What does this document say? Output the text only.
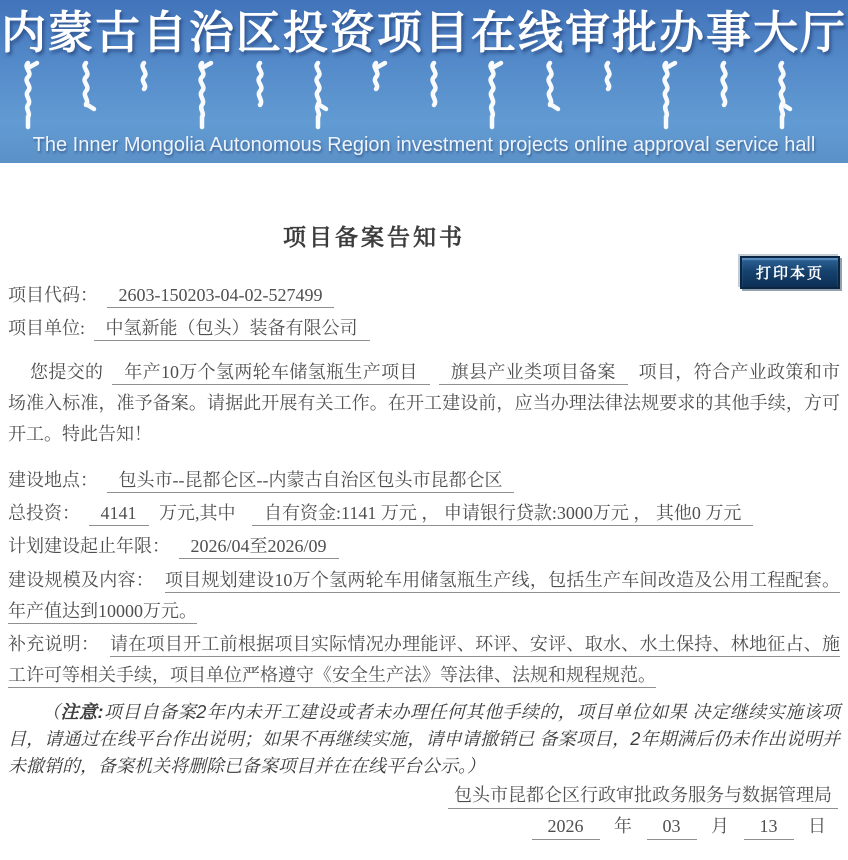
内蒙古自治区投资项目在线审批办事大厅
The Inner Mongolia Autonomous Region investment projects online approval service hall
打印本页
项目备案告知书

项目代码： 2603-150203-04-02-527499

项目单位: 中氢新能（包头）装备有限公司

您提交的 年产10万个氢两轮车储氢瓶生产项目 旗县产业类项目备案 项目，符合产业政策和市场准入标准，准予备案。请据此开展有关工作。在开工建设前，应当办理法律法规要求的其他手续，方可开工。特此告知！

建设地点： 包头市--昆都仑区--内蒙古自治区包头市昆都仑区

总投资： 4141 万元,其中 自有资金:1141 万元 ， 申请银行贷款:3000万元 ， 其他0 万元

计划建设起止年限： 2026/04至2026/09

建设规模及内容： 项目规划建设10万个氢两轮车用储氢瓶生产线，包括生产车间改造及公用工程配套。年产值达到10000万元。

补充说明： 请在项目开工前根据项目实际情况办理能评、环评、安评、取水、水土保持、林地征占、施工许可等相关手续，项目单位严格遵守《安全生产法》等法律、法规和规程规范。

（注意:项目自备案2年内未开工建设或者未办理任何其他手续的，项目单位如果 决定继续实施该项目，请通过在线平台作出说明；如果不再继续实施，请申请撤销已 备案项目，2年期满后仍未作出说明并未撤销的，备案机关将删除已备案项目并在在线平台公示。）

包头市昆都仑区行政审批政务服务与数据管理局

2026 年 03 月 13 日
